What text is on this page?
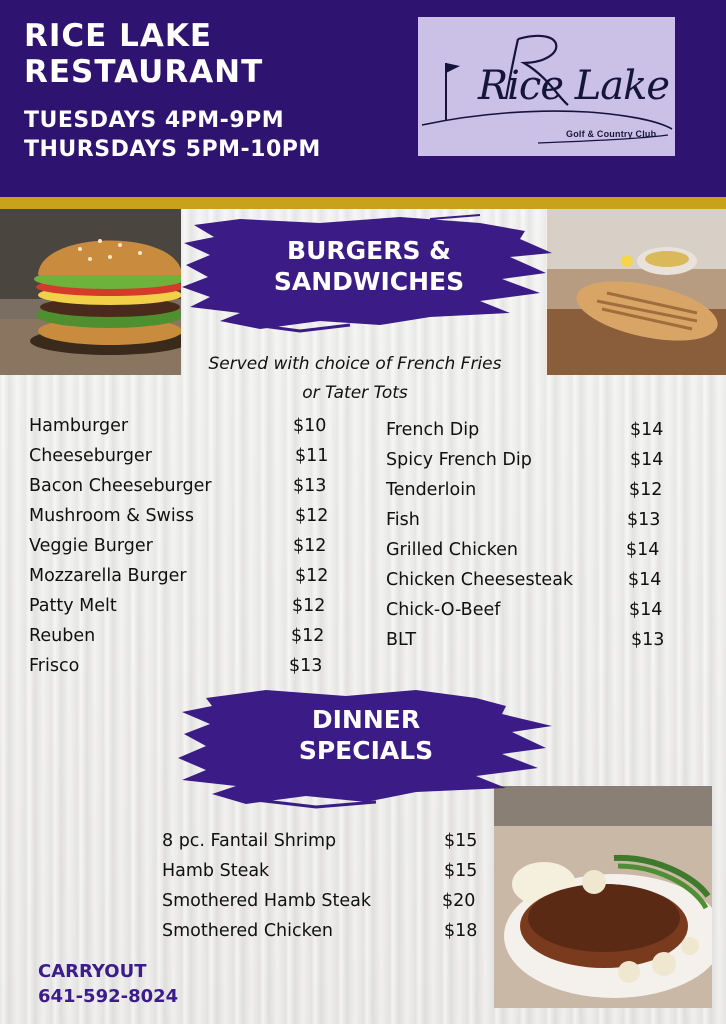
RICE LAKE
RESTAURANT
TUESDAYS 4PM-9PM
THURSDAYS 5PM-10PM
Rice Lake
Golf & Country Club
BURGERS &
SANDWICHES
Served with choice of French Fries
or Tater Tots
Hamburger	$10
Cheeseburger	$11
Bacon Cheeseburger	$13
Mushroom & Swiss	$12
Veggie Burger	$12
Mozzarella Burger	$12
Patty Melt	$12
Reuben	$12
Frisco	$13
French Dip	$14
Spicy French Dip	$14
Tenderloin	$12
Fish	$13
Grilled Chicken	$14
Chicken Cheesesteak	$14
Chick-O-Beef	$14
BLT	$13
DINNER
SPECIALS
8 pc. Fantail Shrimp	$15
Hamb Steak	$15
Smothered Hamb Steak	$20
Smothered Chicken	$18
CARRYOUT
641-592-8024
